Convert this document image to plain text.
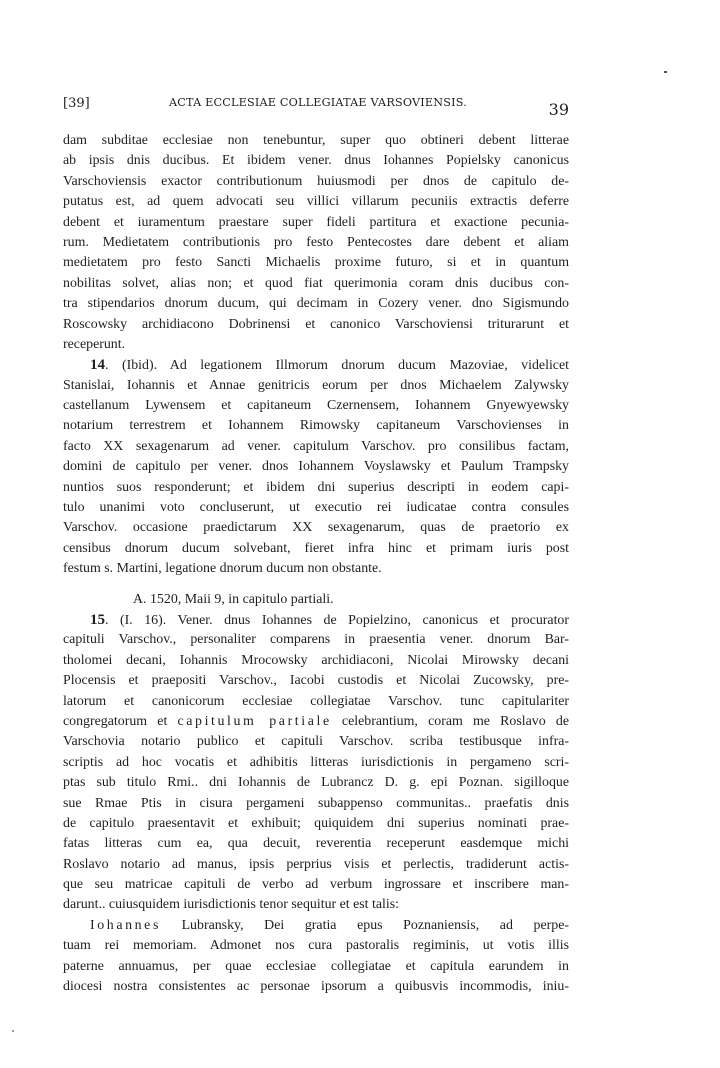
[39]	ACTA ECCLESIAE COLLEGIATAE VARSOVIENSIS.	39
dam subditae ecclesiae non tenebuntur, super quo obtineri debent litterae
ab ipsis dnis ducibus. Et ibidem vener. dnus Iohannes Popielsky canonicus
Varschoviensis exactor contributionum huiusmodi per dnos de capitulo de-
putatus est, ad quem advocati seu villici villarum pecuniis extractis deferre
debent et iuramentum praestare super fideli partitura et exactione pecunia-
rum. Medietatem contributionis pro festo Pentecostes dare debent et aliam
medietatem pro festo Sancti Michaelis proxime futuro, si et in quantum
nobilitas solvet, alias non; et quod fiat querimonia coram dnis ducibus con-
tra stipendarios dnorum ducum, qui decimam in Cozery vener. dno Sigismundo
Roscowsky archidiacono Dobrinensi et canonico Varschoviensi triturarunt et
receperunt.
14. (Ibid). Ad legationem Illmorum dnorum ducum Mazoviae, videlicet
Stanislai, Iohannis et Annae genitricis eorum per dnos Michaelem Zalywsky
castellanum Lywensem et capitaneum Czernensem, Iohannem Gnyewyewsky
notarium terrestrem et Iohannem Rimowsky capitaneum Varschovienses in
facto XX sexagenarum ad vener. capitulum Varschov. pro consilibus factam,
domini de capitulo per vener. dnos Iohannem Voyslawsky et Paulum Trampsky
nuntios suos responderunt; et ibidem dni superius descripti in eodem capi-
tulo unanimi voto concluserunt, ut executio rei iudicatae contra consules
Varschov. occasione praedictarum XX sexagenarum, quas de praetorio ex
censibus dnorum ducum solvebant, fieret infra hinc et primam iuris post
festum s. Martini, legatione dnorum ducum non obstante.
A. 1520, Maii 9, in capitulo partiali.
15. (I. 16). Vener. dnus Iohannes de Popielzino, canonicus et procurator
capituli Varschov., personaliter comparens in praesentia vener. dnorum Bar-
tholomei decani, Iohannis Mrocowsky archidiaconi, Nicolai Mirowsky decani
Plocensis et praepositi Varschov., Iacobi custodis et Nicolai Zucowsky, pre-
latorum et canonicorum ecclesiae collegiatae Varschov. tunc capitulariter
congregatorum et capitulum partiale celebrantium, coram me Roslavo de
Varschovia notario publico et capituli Varschov. scriba testibusque infra-
scriptis ad hoc vocatis et adhibitis litteras iurisdictionis in pergameno scri-
ptas sub titulo Rmi.. dni Iohannis de Lubrancz D. g. epi Poznan. sigilloque
sue Rmae Ptis in cisura pergameni subappenso communitas.. praefatis dnis
de capitulo praesentavit et exhibuit; quiquidem dni superius nominati prae-
fatas litteras cum ea, qua decuit, reverentia receperunt easdemque michi
Roslavo notario ad manus, ipsis perprius visis et perlectis, tradiderunt actis-
que seu matricae capituli de verbo ad verbum ingrossare et inscribere man-
darunt.. cuiusquidem iurisdictionis tenor sequitur et est talis:
Iohannes Lubransky, Dei gratia epus Poznaniensis, ad perpe-
tuam rei memoriam. Admonet nos cura pastoralis regiminis, ut votis illis
paterne annuamus, per quae ecclesiae collegiatae et capitula earundem in
diocesi nostra consistentes ac personae ipsorum a quibusvis incommodis, iniu-
